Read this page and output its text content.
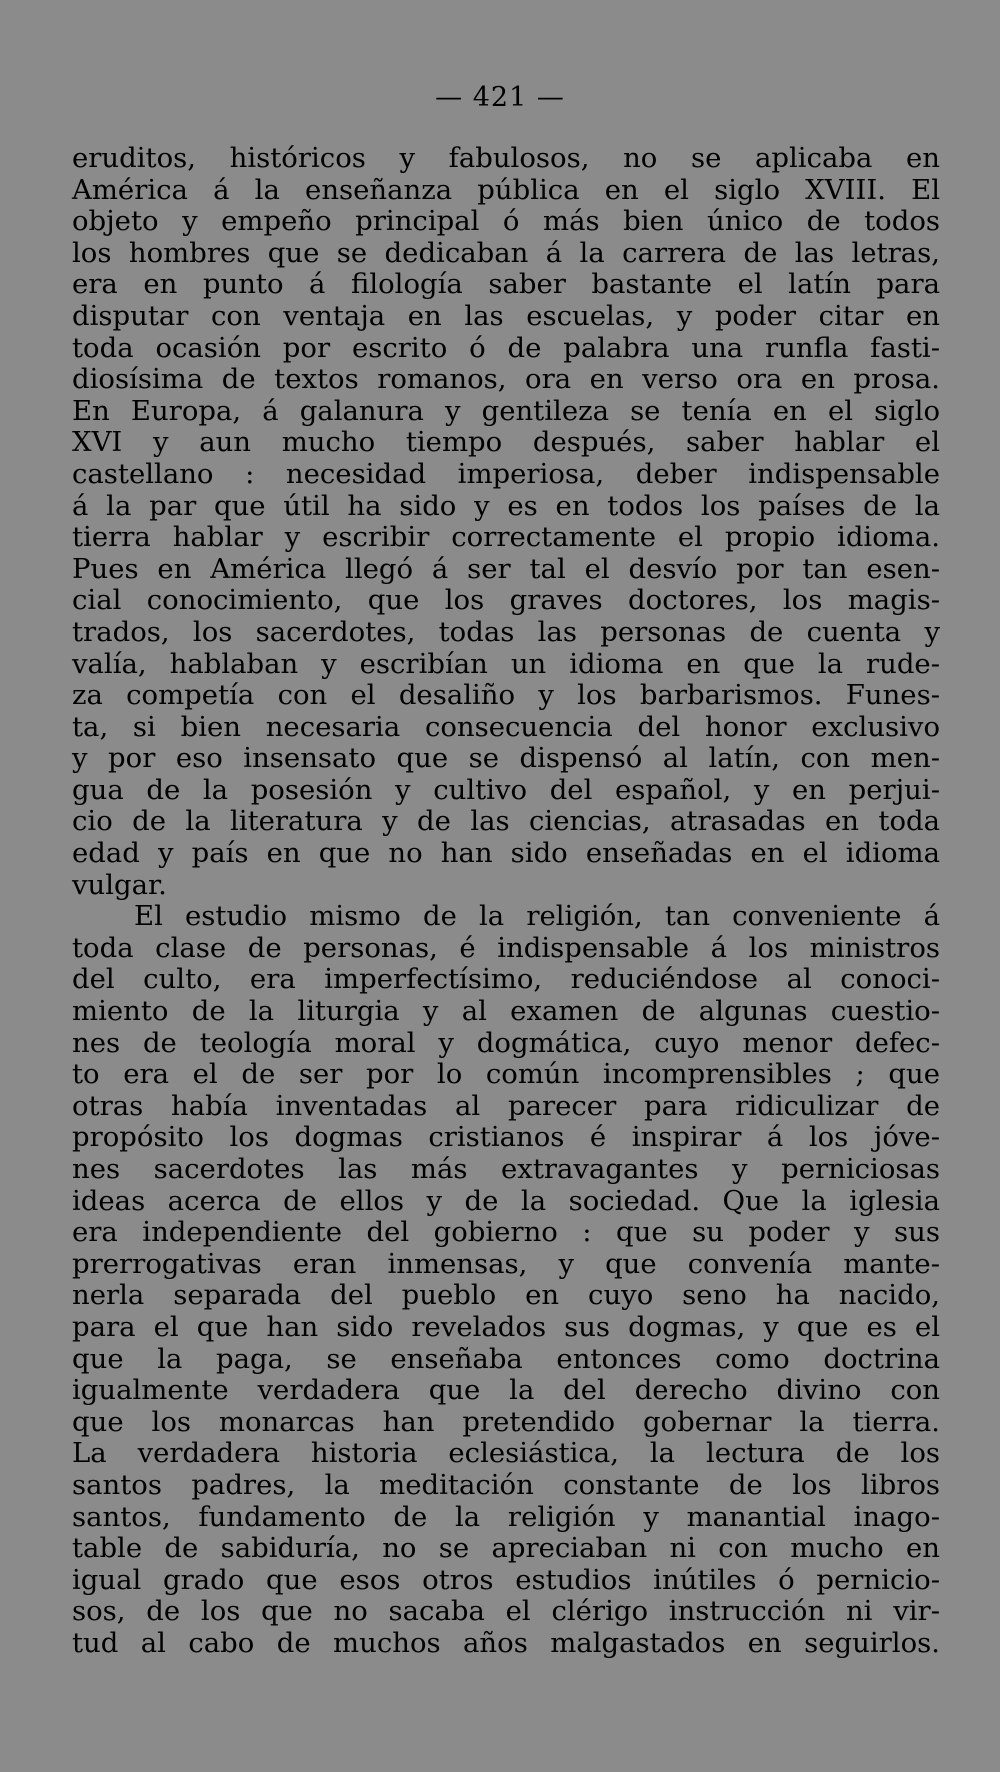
— 421 —
eruditos, históricos y fabulosos, no se aplicaba en
América á la enseñanza pública en el siglo XVIII. El
objeto y empeño principal ó más bien único de todos
los hombres que se dedicaban á la carrera de las letras,
era en punto á filología saber bastante el latín para
disputar con ventaja en las escuelas, y poder citar en
toda ocasión por escrito ó de palabra una runfla fasti-
diosísima de textos romanos, ora en verso ora en prosa.
En Europa, á galanura y gentileza se tenía en el siglo
XVI y aun mucho tiempo después, saber hablar el
castellano : necesidad imperiosa, deber indispensable
á la par que útil ha sido y es en todos los países de la
tierra hablar y escribir correctamente el propio idioma.
Pues en América llegó á ser tal el desvío por tan esen-
cial conocimiento, que los graves doctores, los magis-
trados, los sacerdotes, todas las personas de cuenta y
valía, hablaban y escribían un idioma en que la rude-
za competía con el desaliño y los barbarismos. Funes-
ta, si bien necesaria consecuencia del honor exclusivo
y por eso insensato que se dispensó al latín, con men-
gua de la posesión y cultivo del español, y en perjui-
cio de la literatura y de las ciencias, atrasadas en toda
edad y país en que no han sido enseñadas en el idioma
vulgar.
El estudio mismo de la religión, tan conveniente á
toda clase de personas, é indispensable á los ministros
del culto, era imperfectísimo, reduciéndose al conoci-
miento de la liturgia y al examen de algunas cuestio-
nes de teología moral y dogmática, cuyo menor defec-
to era el de ser por lo común incomprensibles ; que
otras había inventadas al parecer para ridiculizar de
propósito los dogmas cristianos é inspirar á los jóve-
nes sacerdotes las más extravagantes y perniciosas
ideas acerca de ellos y de la sociedad. Que la iglesia
era independiente del gobierno : que su poder y sus
prerrogativas eran inmensas, y que convenía mante-
nerla separada del pueblo en cuyo seno ha nacido,
para el que han sido revelados sus dogmas, y que es el
que la paga, se enseñaba entonces como doctrina
igualmente verdadera que la del derecho divino con
que los monarcas han pretendido gobernar la tierra.
La verdadera historia eclesiástica, la lectura de los
santos padres, la meditación constante de los libros
santos, fundamento de la religión y manantial inago-
table de sabiduría, no se apreciaban ni con mucho en
igual grado que esos otros estudios inútiles ó pernicio-
sos, de los que no sacaba el clérigo instrucción ni vir-
tud al cabo de muchos años malgastados en seguirlos.
